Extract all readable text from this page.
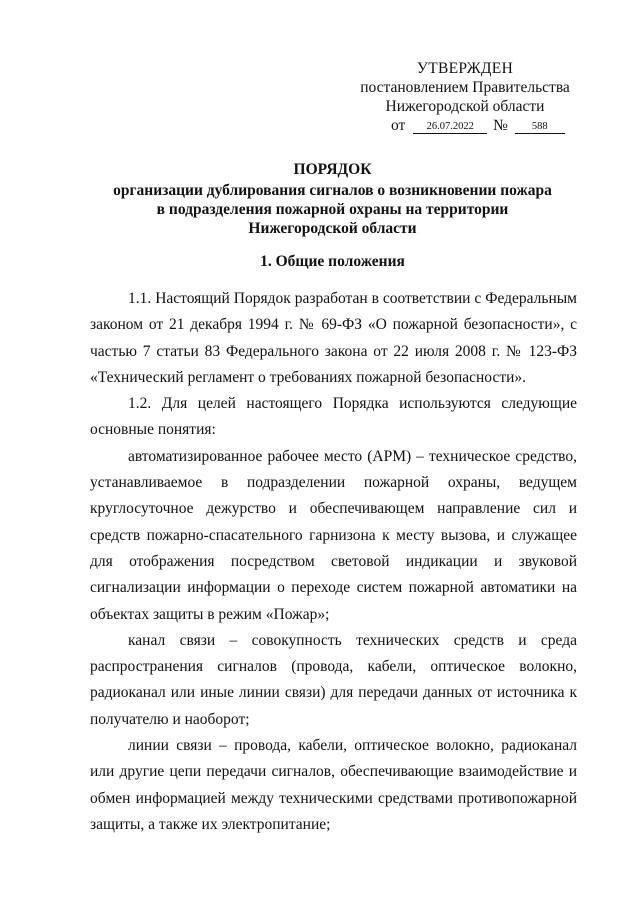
УТВЕРЖДЕН
постановлением Правительства
Нижегородской области
от 26.07.2022 № 588
ПОРЯДОК
организации дублирования сигналов о возникновении пожара
в подразделения пожарной охраны на территории
Нижегородской области
1. Общие положения

1.1. Настоящий Порядок разработан в соответствии с Федеральным законом от 21 декабря 1994 г. № 69-ФЗ «О пожарной безопасности», с частью 7 статьи 83 Федерального закона от 22 июля 2008 г. № 123-ФЗ «Технический регламент о требованиях пожарной безопасности».

1.2. Для целей настоящего Порядка используются следующие основные понятия:

автоматизированное рабочее место (АРМ) – техническое средство, устанавливаемое в подразделении пожарной охраны, ведущем круглосуточное дежурство и обеспечивающем направление сил и средств пожарно-спасательного гарнизона к месту вызова, и служащее для отображения посредством световой индикации и звуковой сигнализации информации о переходе систем пожарной автоматики на объектах защиты в режим «Пожар»;

канал связи – совокупность технических средств и среда распространения сигналов (провода, кабели, оптическое волокно, радиоканал или иные линии связи) для передачи данных от источника к получателю и наоборот;

линии связи – провода, кабели, оптическое волокно, радиоканал или другие цепи передачи сигналов, обеспечивающие взаимодействие и обмен информацией между техническими средствами противопожарной защиты, а также их электропитание;
